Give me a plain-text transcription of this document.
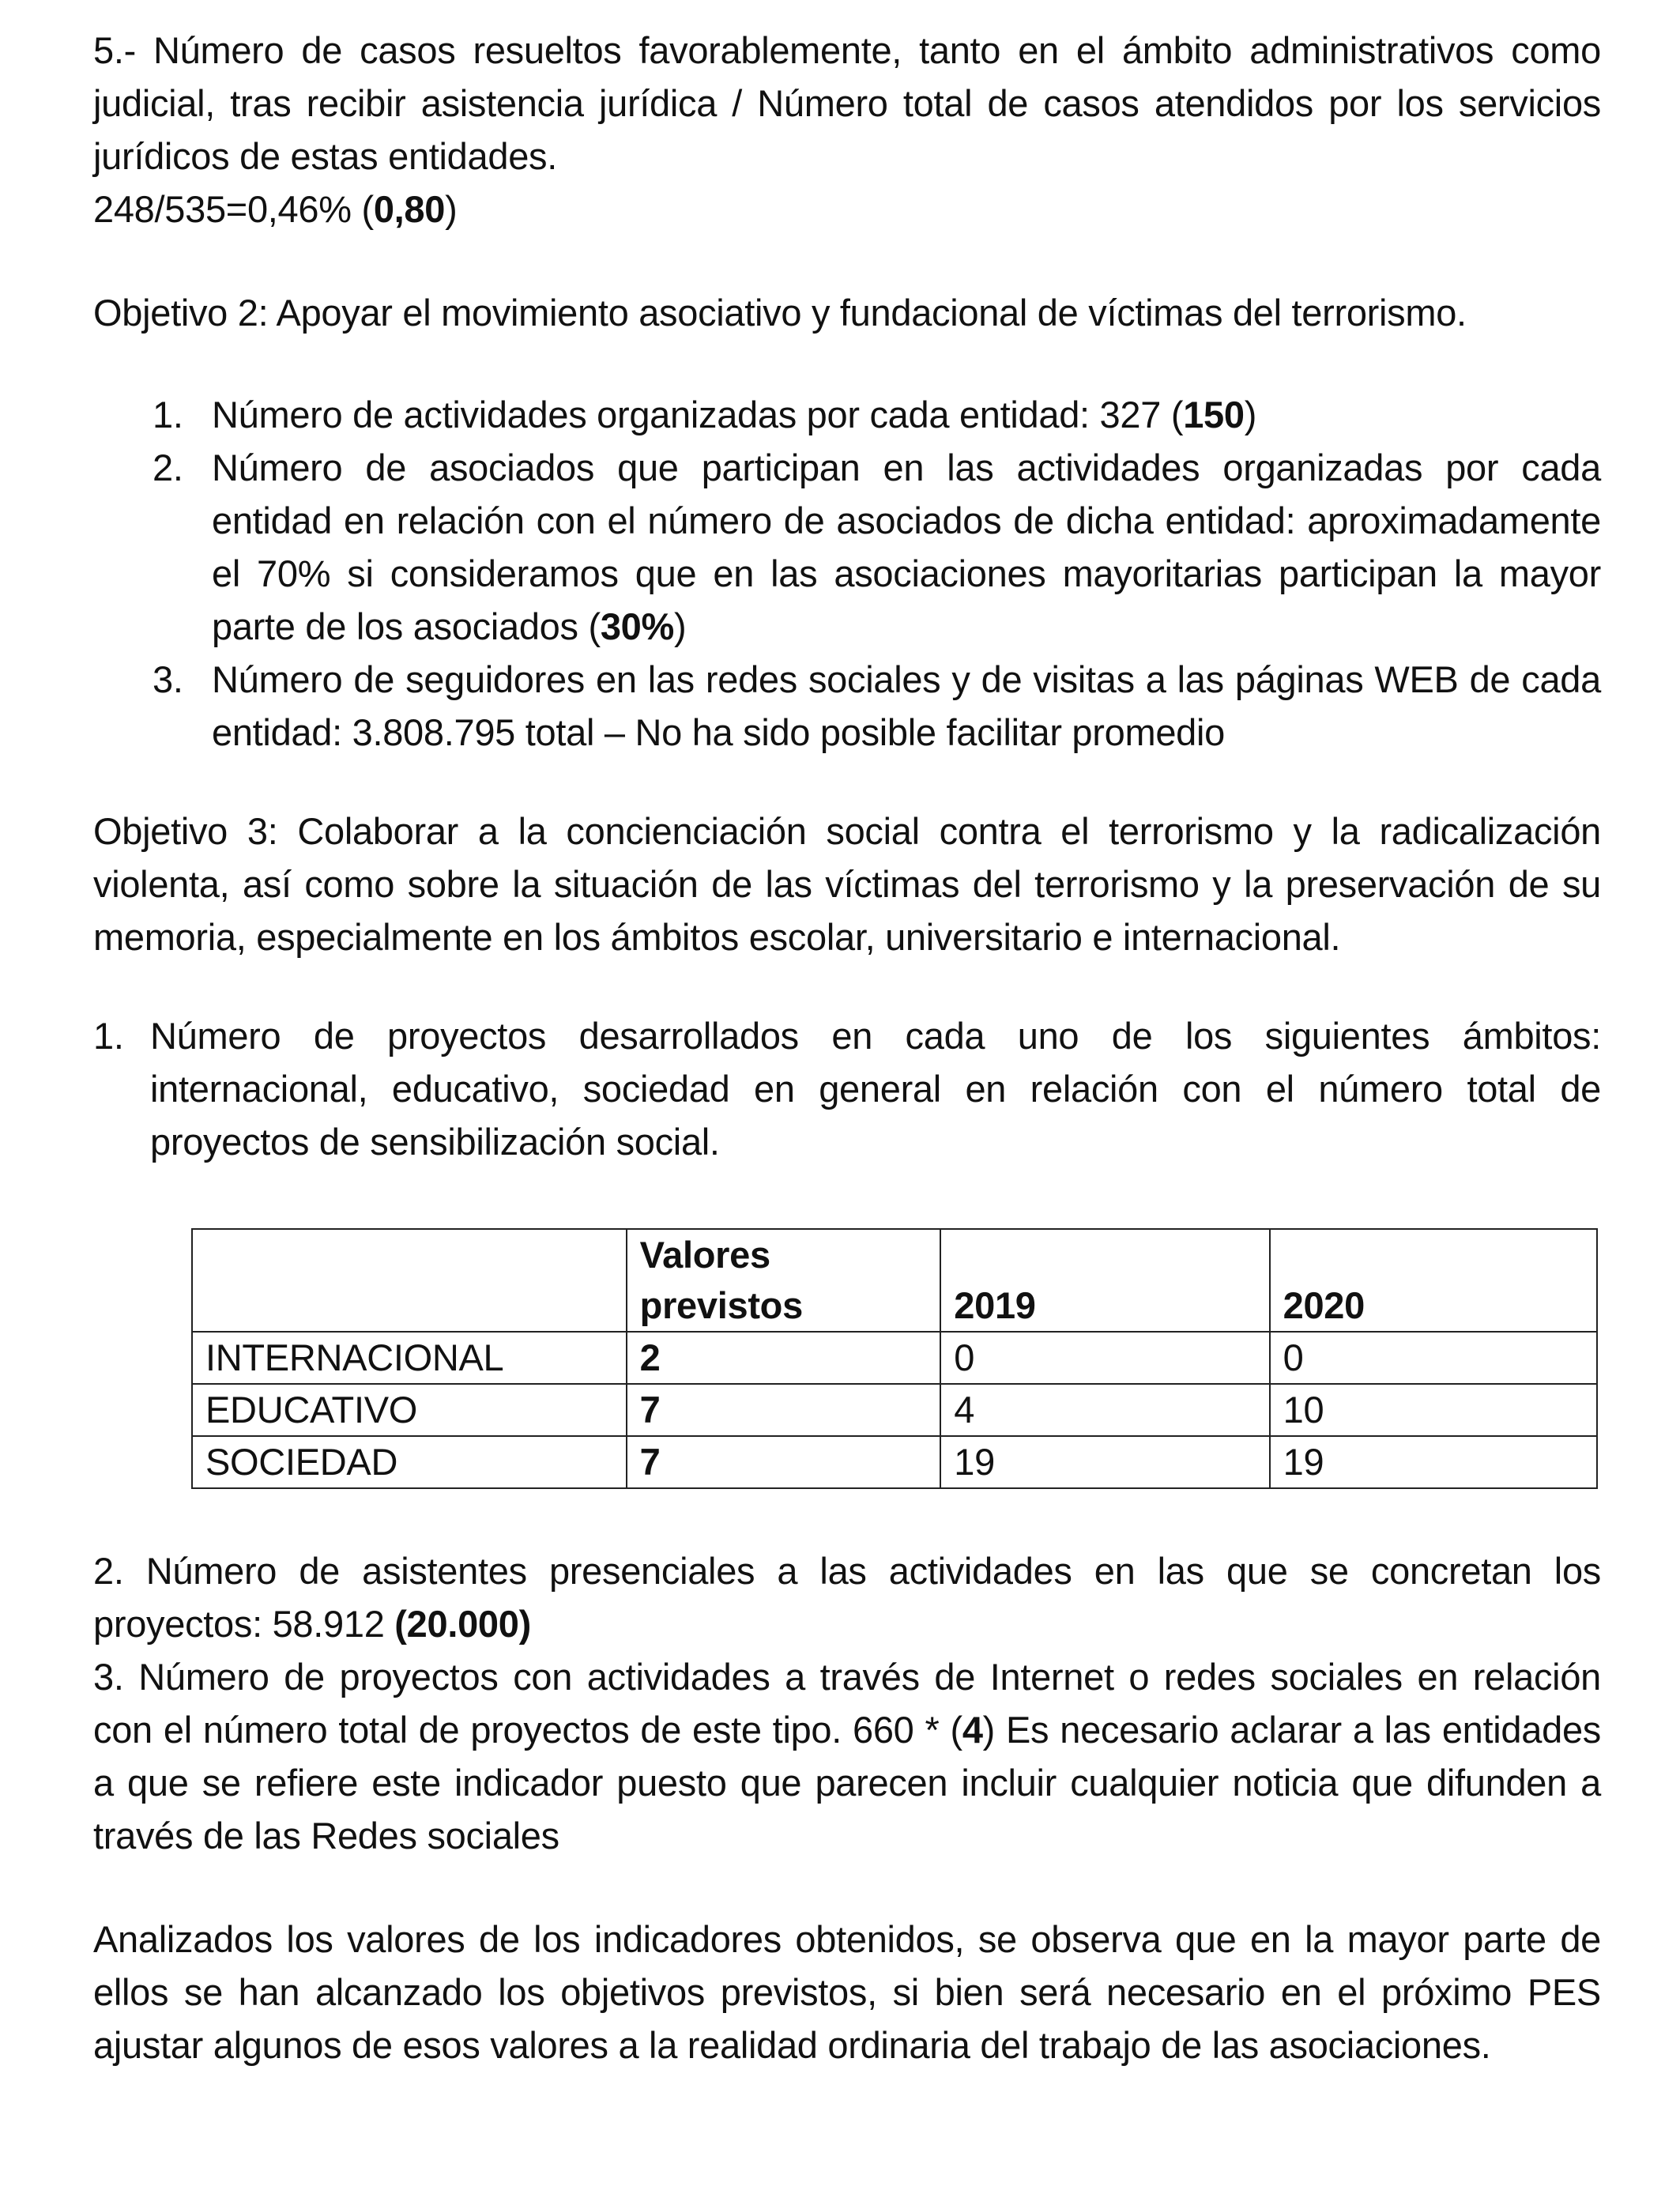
5.- Número de casos resueltos favorablemente, tanto en el ámbito administrativos como judicial, tras recibir asistencia jurídica / Número total de casos atendidos por los servicios jurídicos de estas entidades.
248/535=0,46% (0,80)

Objetivo 2: Apoyar el movimiento asociativo y fundacional de víctimas del terrorismo.

1. Número de actividades organizadas por cada entidad: 327 (150)
2. Número de asociados que participan en las actividades organizadas por cada entidad en relación con el número de asociados de dicha entidad: aproximadamente el 70% si consideramos que en las asociaciones mayoritarias participan la mayor parte de los asociados (30%)
3. Número de seguidores en las redes sociales y de visitas a las páginas WEB de cada entidad: 3.808.795 total – No ha sido posible facilitar promedio

Objetivo 3: Colaborar a la concienciación social contra el terrorismo y la radicalización violenta, así como sobre la situación de las víctimas del terrorismo y la preservación de su memoria, especialmente en los ámbitos escolar, universitario e internacional.

1. Número de proyectos desarrollados en cada uno de los siguientes ámbitos: internacional, educativo, sociedad en general en relación con el número total de proyectos de sensibilización social.
	Valores previstos	2019	2020
INTERNACIONAL	2	0	0
EDUCATIVO	7	4	10
SOCIEDAD	7	19	19

2. Número de asistentes presenciales a las actividades en las que se concretan los proyectos: 58.912 (20.000)

3. Número de proyectos con actividades a través de Internet o redes sociales en relación con el número total de proyectos de este tipo. 660 * (4) Es necesario aclarar a las entidades a que se refiere este indicador puesto que parecen incluir cualquier noticia que difunden a través de las Redes sociales

Analizados los valores de los indicadores obtenidos, se observa que en la mayor parte de ellos se han alcanzado los objetivos previstos, si bien será necesario en el próximo PES ajustar algunos de esos valores a la realidad ordinaria del trabajo de las asociaciones.
